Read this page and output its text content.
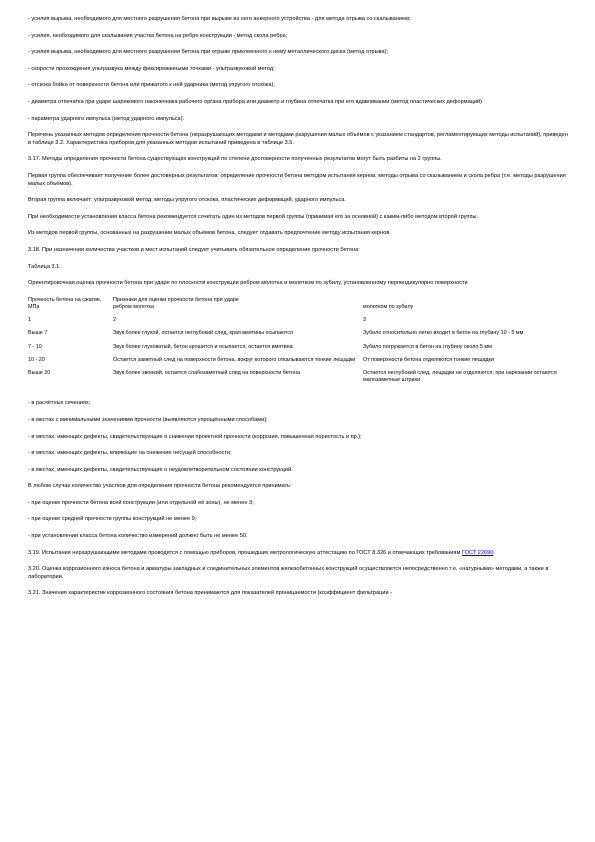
- усилия вырыва, необходимого для местного разрушения бетона при вырыве из него анкерного устройства - для метода отрыва со скалыванием;

- усилия, необходимого для скалывания участка бетона на ребре конструкции - метод скола ребра;

- усилия вырыва, необходимого для местного разрушения бетона при отрыве приклеенного к нему металлического диска (метод отрыва);

- скорости прохождения ультразвука между фиксированными точками - ультразвуковой метод;

- отскока бойка от поверхности бетона или прижатого к ней ударника (метод упругого отскока);

- диаметра отпечатка при ударе шарикового наконечника рабочего органа прибора или диаметр и глубина отпечатка при его вдавливании (метод пластических деформаций)

- параметра ударного импульса (метод ударного импульса).

Перечень указанных методов определения прочности бетона (неразрушающих методами и методами разрушения малых объёмов с указанием стандартов, регламентирующих методы испытаний), приведен в таблице 3.2. Характеристика приборов для указанных методов испытаний приведена в таблице 3.5.

3.17. Методы определения прочности бетона существующих конструкций по степени достоверности полученных результатов могут быть разбиты на 2 группы.

Первая группа обеспечивает получение более достоверных результатов: определение прочности бетона методом испытания кернов, методы отрыва со скалыванием и скола ребра (т.е. методы разрушения малых объёмов).

Вторая группа включает: ультразвуковой метод, методы упругого отскока, пластических деформаций, ударного импульса.

При необходимости установления класса бетона рекомендуется сочетать один из методов первой группы (принимая его за основной) с каким-либо методом второй группы.

Из методов первой группы, основанных на разрушении малых объёмов бетона, следует отдавать предпочтение методу испытания кернов.

3.18. При назначении количества участков и мест испытаний следует учитывать обязательное определение прочности бетона:

Таблица 3.1.

Ориентировочная оценка прочности бетона при ударе по плоскости конструкции ребром молотка и молотком по зубилу, установленному перпендикулярно поверхности

Прочность бетона на сжатие, МПа	Признаки для оценки прочности бетона при ударе
ребром молотка	молотком по зубилу

1	2	3
Выше 7	Звук более глухой, остается неглубокий след, края вмятины осыпаются	Зубило относительно легко входит в бетон на глубину 10 - 5 мм
7 - 10	Звук более глуховатый, бетон крошится и осыпается, остается вмятина	Зубило погружается в бетон на глубину около 5 мм
10 - 20	Остается заметный след на поверхности бетона, вокруг которого откалываются тонкие лещадки	От поверхности бетона отделяются тонкие лещадки
Выше 20	Звук более звонкий, остается слабозаметный след на поверхности бетона	Остается неглубокий след, лещадки не отделяются, при нарезании остаются малозаметные штрихи

- в расчётных сечениях;

- в местах с минимальными значениями прочности (выявляются упрощёнными способами);

- в местах, имеющих дефекты, свидетельствующие о снижении проектной прочности (коррозия, повышенная пористость и пр.);

- в местах, имеющих дефекты, влияющие на снижение несущей способности;

- в местах, имеющих дефекты, свидетельствующие о неудовлетворительном состоянии конструкций.

В любом случае количество участков для определения прочности бетона рекомендуется принимать:

- при оценке прочности бетона всей конструкции (или отдельной её зоны), не менее 3;

- при оценке средней прочности группы конструкций не менее 9;

- при установлении класса бетона количество измерений должно быть не менее 50.

3.19. Испытания неразрушающими методами проводятся с помощью приборов, прошедших метрологическую аттестацию по ГОСТ 8.326 и отвечающих требованиям ГОСТ 22690.

3.20. Оценка коррозионного износа бетона и арматуры закладных и соединительных элементов железобетонных конструкций осуществляется непосредственно т.е. «натурными» методами, а также в лаборатории.

3.21. Значения характеристик коррозионного состояния бетона принимаются для показателей проницаемости (коэффициент фильтрации -
